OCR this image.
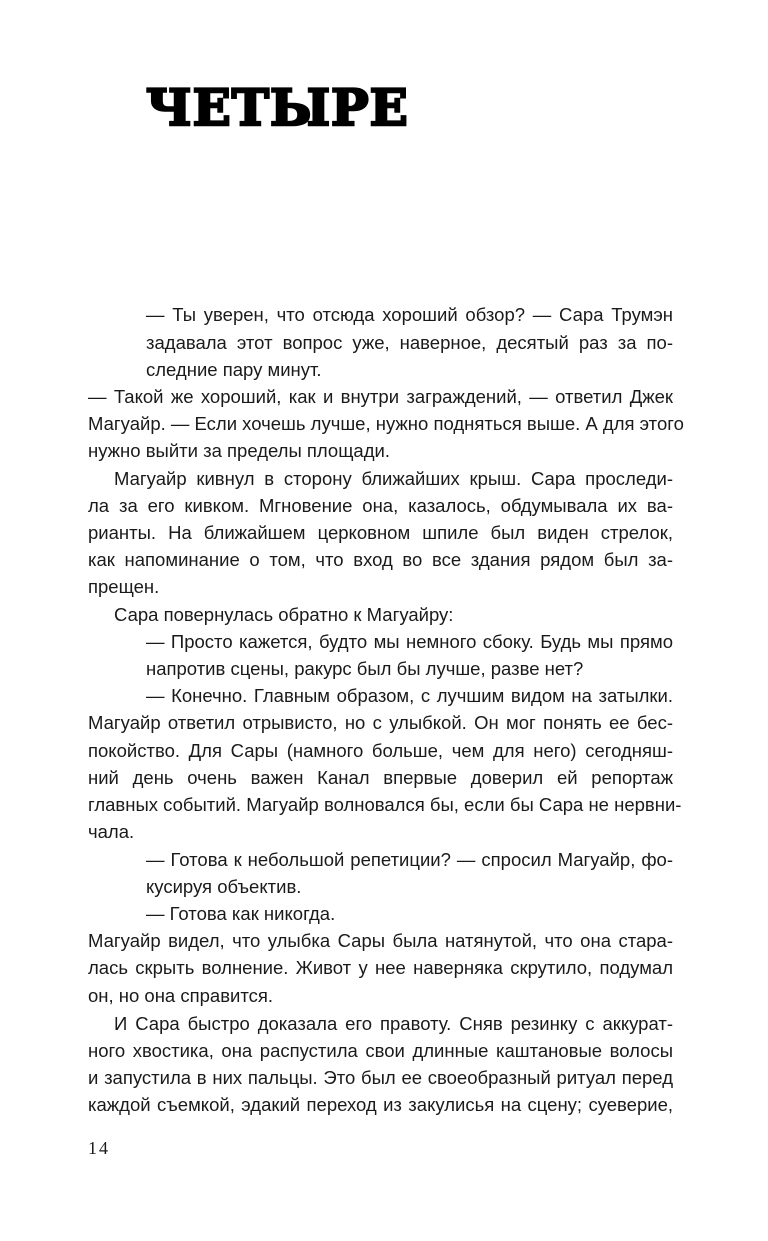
ЧЕТЫРЕ
— Ты уверен, что отсюда хороший обзор? — Сара Трумэн
задавала этот вопрос уже, наверное, десятый раз за по-
следние пару минут.
— Такой же хороший, как и внутри заграждений, — ответил Джек
Магуайр. — Если хочешь лучше, нужно подняться выше. А для этого
нужно выйти за пределы площади.
Магуайр кивнул в сторону ближайших крыш. Сара проследи-
ла за его кивком. Мгновение она, казалось, обдумывала их ва-
рианты. На ближайшем церковном шпиле был виден стрелок,
как напоминание о том, что вход во все здания рядом был за-
прещен.
Сара повернулась обратно к Магуайру:
— Просто кажется, будто мы немного сбоку. Будь мы прямо
напротив сцены, ракурс был бы лучше, разве нет?
— Конечно. Главным образом, с лучшим видом на затылки.
Магуайр ответил отрывисто, но с улыбкой. Он мог понять ее бес-
покойство. Для Сары (намного больше, чем для него) сегодняш-
ний день очень важен Канал впервые доверил ей репортаж
главных событий. Магуайр волновался бы, если бы Сара не нервни-
чала.
— Готова к небольшой репетиции? — спросил Магуайр, фо-
кусируя объектив.
— Готова как никогда.
Магуайр видел, что улыбка Сары была натянутой, что она стара-
лась скрыть волнение. Живот у нее наверняка скрутило, подумал
он, но она справится.
И Сара быстро доказала его правоту. Сняв резинку с аккурат-
ного хвостика, она распустила свои длинные каштановые волосы
и запустила в них пальцы. Это был ее своеобразный ритуал перед
каждой съемкой, эдакий переход из закулисья на сцену; суеверие,
14
